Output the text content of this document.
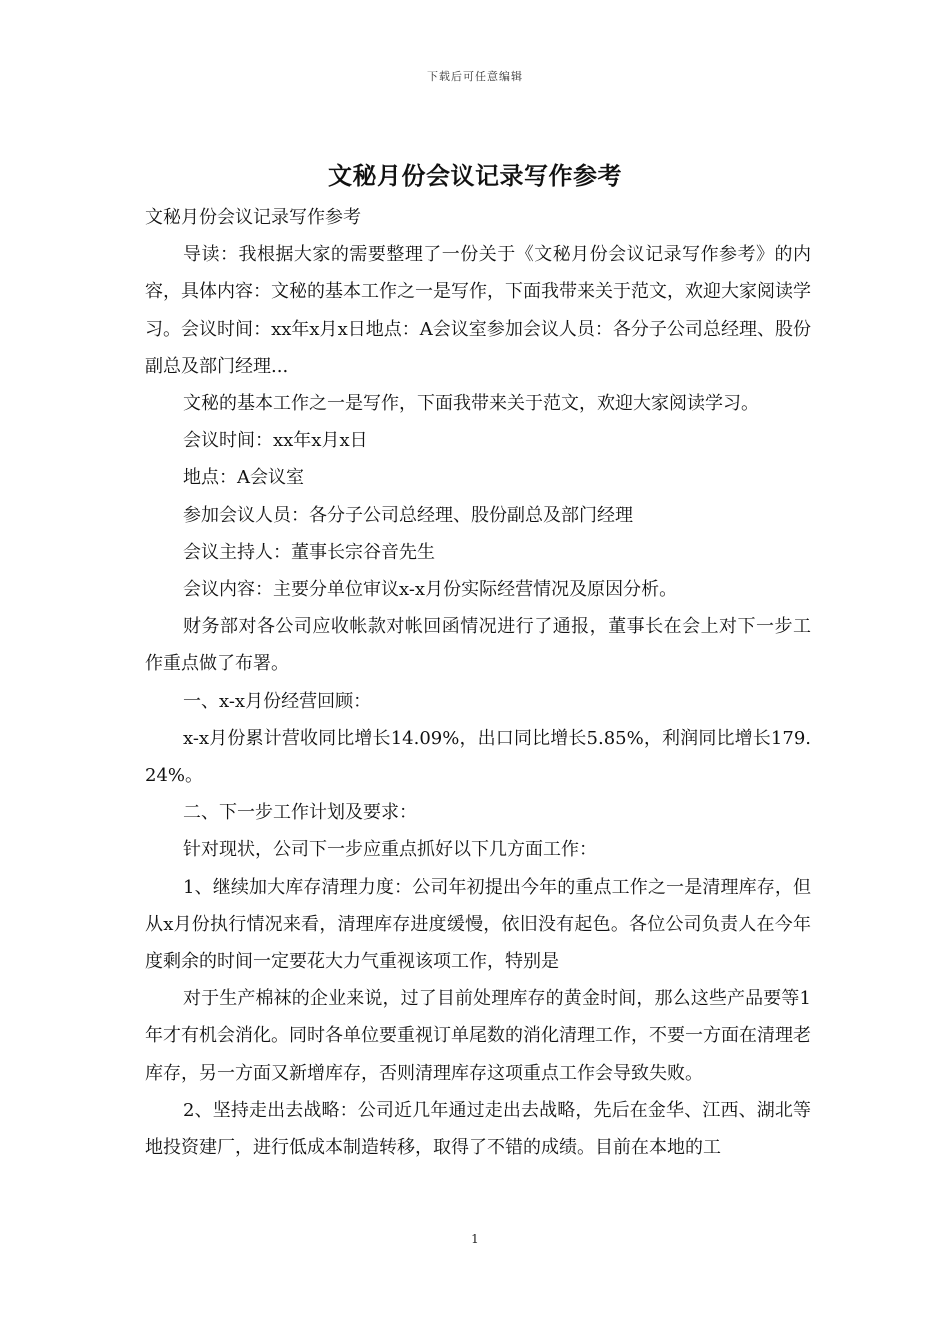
下载后可任意编辑
文秘月份会议记录写作参考

文秘月份会议记录写作参考

导读：我根据大家的需要整理了一份关于《文秘月份会议记录写作参考》的内容，具体内容：文秘的基本工作之一是写作，下面我带来关于范文，欢迎大家阅读学习。会议时间：xx年x月x日地点：A会议室参加会议人员：各分子公司总经理、股份副总及部门经理...

文秘的基本工作之一是写作，下面我带来关于范文，欢迎大家阅读学习。

会议时间：xx年x月x日

地点：A会议室

参加会议人员：各分子公司总经理、股份副总及部门经理

会议主持人：董事长宗谷音先生

会议内容：主要分单位审议x-x月份实际经营情况及原因分析。

财务部对各公司应收帐款对帐回函情况进行了通报，董事长在会上对下一步工作重点做了布署。

一、x-x月份经营回顾：

x-x月份累计营收同比增长14.09%，出口同比增长5.85%，利润同比增长179.24%。

二、下一步工作计划及要求：

针对现状，公司下一步应重点抓好以下几方面工作：

1、继续加大库存清理力度：公司年初提出今年的重点工作之一是清理库存，但从x月份执行情况来看，清理库存进度缓慢，依旧没有起色。各位公司负责人在今年度剩余的时间一定要花大力气重视该项工作，特别是

对于生产棉袜的企业来说，过了目前处理库存的黄金时间，那么这些产品要等1年才有机会消化。同时各单位要重视订单尾数的消化清理工作，不要一方面在清理老库存，另一方面又新增库存，否则清理库存这项重点工作会导致失败。

2、坚持走出去战略：公司近几年通过走出去战略，先后在金华、江西、湖北等地投资建厂，进行低成本制造转移，取得了不错的成绩。目前在本地的工

1
